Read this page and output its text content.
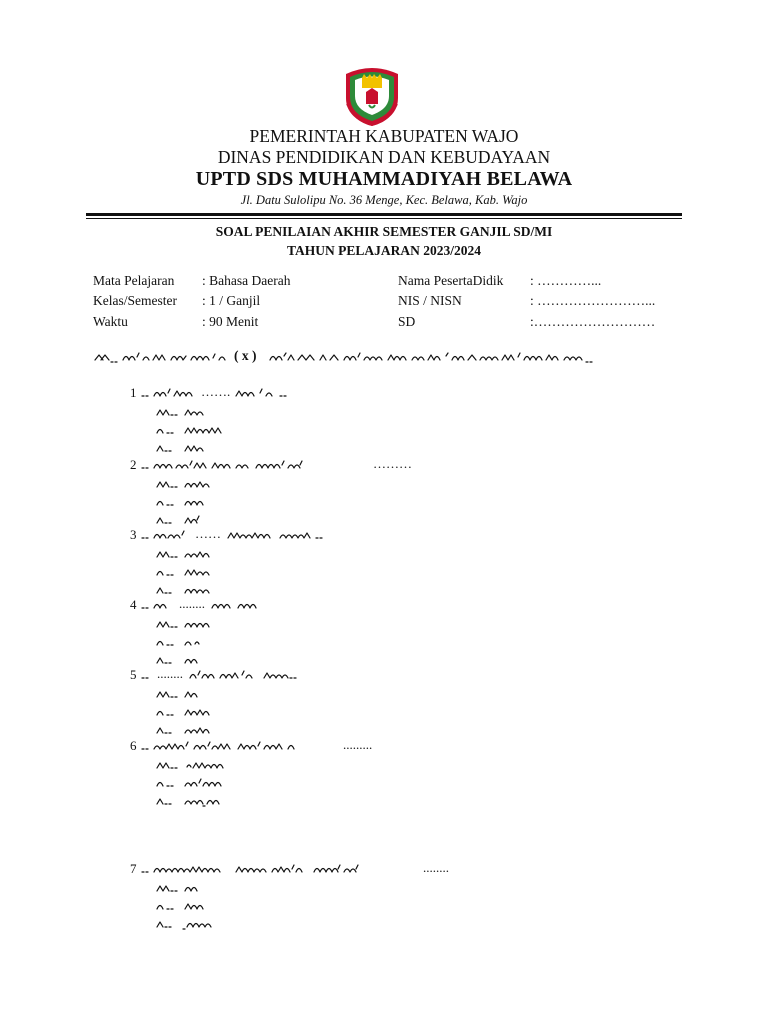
PEMERINTAH KABUPATEN WAJO
DINAS PENDIDIKAN DAN KEBUDAYAAN
UPTD SDS MUHAMMADIYAH BELAWA
Jl. Datu Sulolipu No. 36 Menge, Kec. Belawa, Kab. Wajo
SOAL PENILAIAN AKHIR SEMESTER GANJIL SD/MI
TAHUN PELAJARAN 2023/2024
Mata Pelajaran : Bahasa Daerah
Kelas/Semester : 1 / Ganjil
Waktu	: 90 Menit
Nama PesertaDidik : …………...
NIS / NISN	: ……………………...
SD	:………………………
( x )
1	…….
2	………
3	……
4	........
5 ........
6	.........
7	........
